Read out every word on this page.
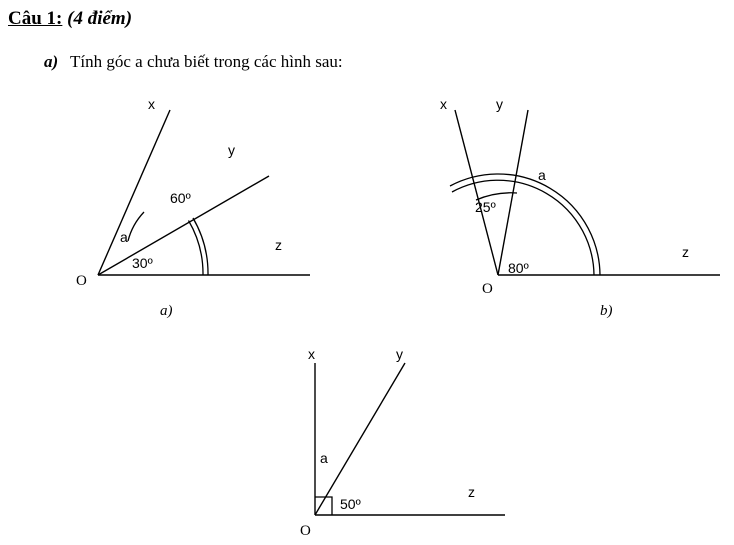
Câu 1: (4 điểm)
a) Tính góc a chưa biết trong các hình sau:
O
x
y
z
60º
30º
a
a)
O
x	y
z
25º
80º
a
b)
O
x	y
z
50º
a
